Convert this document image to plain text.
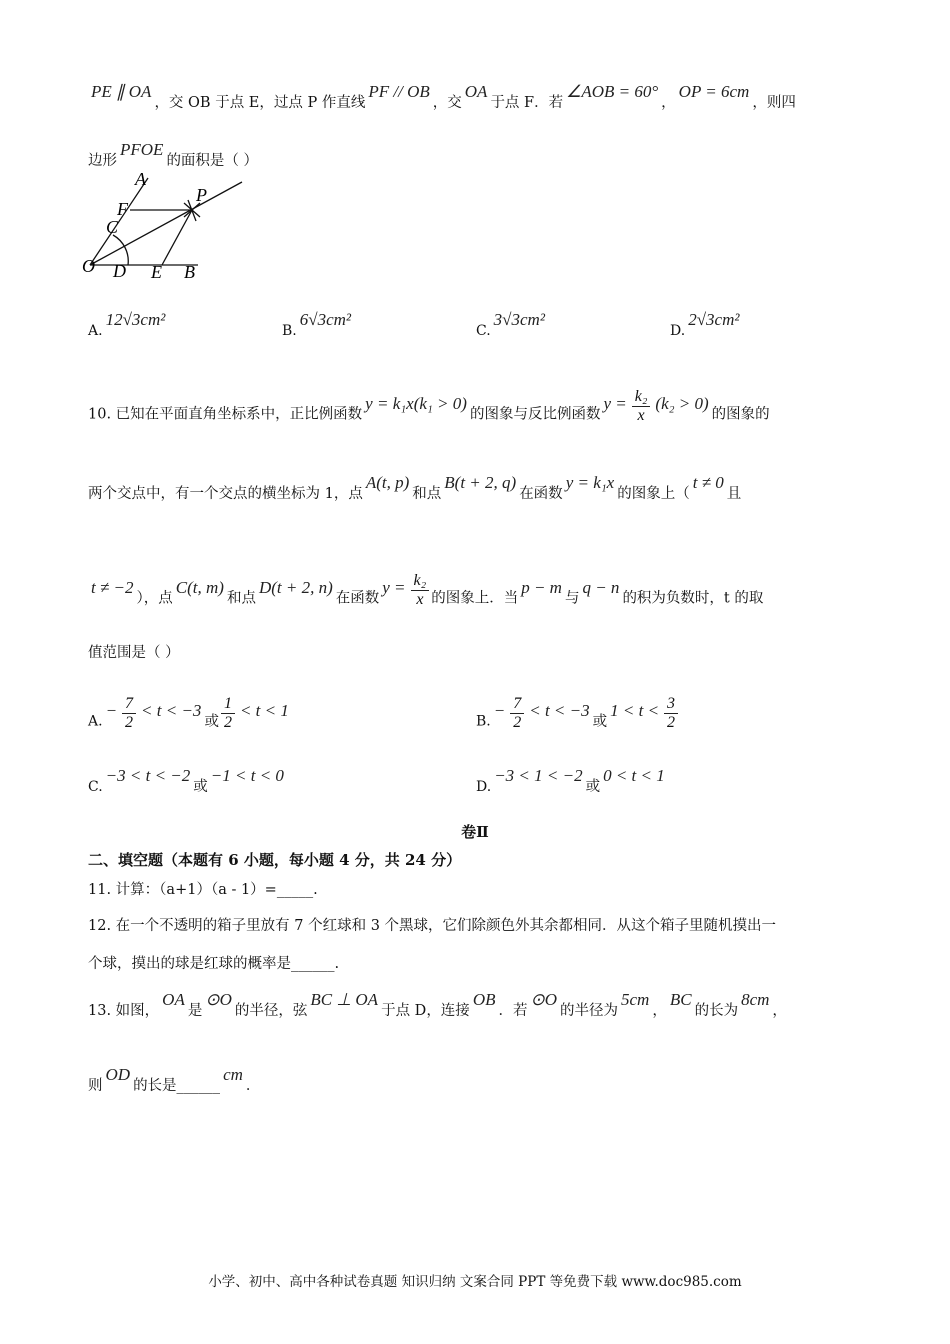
PE ∥ OA，交 OB 于点 E，过点 P 作直线PF // OB，交OA于点 F．若∠AOB = 60°，OP = 6cm，则四
边形PFOE的面积是（ ）
A
F
C
O D E B
P
A.12√3cm²
B.6√3cm²
C.3√3cm²
D.2√3cm²
10. 已知在平面直角坐标系中，正比例函数y = k₁x(k₁ > 0)的图象与反比例函数$y = \frac{\text{k₂}}{x} (k_2 > 0)$的图象的
两个交点中，有一个交点的横坐标为 1，点A(t, p)和点B(t + 2, q)在函数y = k₁x的图象上（t ≠ 0且
t ≠ −2），点C(t, m)和点D(t + 2, n)在函数$y = \frac{\text{k₂}}{x}$ 的图象上．当p − m与q − n的积为负数时，t 的取
值范围是（ ）
$A.- \frac{7}{2} < t < -3$或 $\frac{1}{2} < t < 1$
$B.- \frac{7}{2} < t < -3$或$1 < t < \frac{3}{2}$
C.−3 < t < −2或−1 < t < 0
D.−3 < 1 < −2或0 < t < 1
卷Ⅱ
二、填空题（本题有 6 小题，每小题 4 分，共 24 分）
11. 计算：（a+1）（a - 1）=_____.
12. 在一个不透明的箱子里放有 7 个红球和 3 个黑球，它们除颜色外其余都相同．从这个箱子里随机摸出一
个球，摸出的球是红球的概率是______.
13. 如图，OA是⊙O的半径，弦BC ⊥ OA于点 D，连接OB．若⊙O的半径为5cm，BC的长为8cm，
则OD的长是______cm．
小学、初中、高中各种试卷真题 知识归纳 文案合同 PPT 等免费下载 www.doc985.com
